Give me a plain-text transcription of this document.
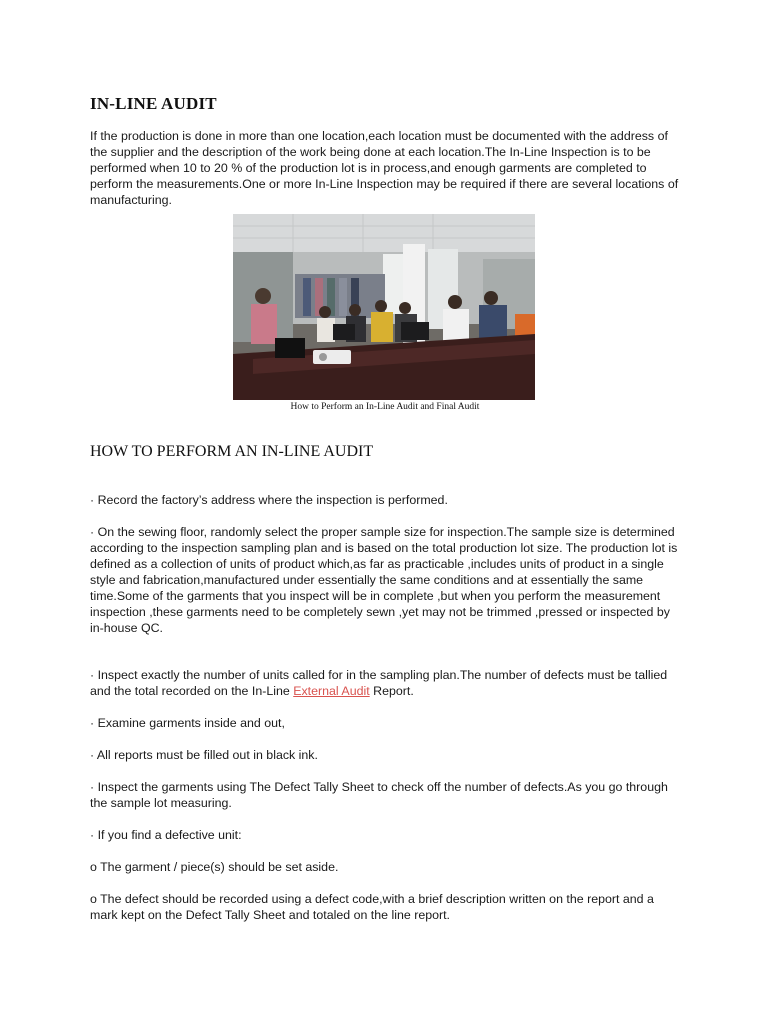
IN-LINE AUDIT

If the production is done in more than one location,each location must be documented with the address of the supplier and the description of the work being done at each location.The In-Line Inspection is to be performed when 10 to 20 % of the production lot is in process,and enough garments are completed to perform the measurements.One or more In-Line Inspection may be required if there are several locations of manufacturing.

How to Perform an In-Line Audit and Final Audit
HOW TO PERFORM AN IN-LINE AUDIT

· Record the factory’s address where the inspection is performed.

· On the sewing floor, randomly select the proper sample size for inspection.The sample size is determined according to the inspection sampling plan and is based on the total production lot size. The production lot is defined as a collection of units of product which,as far as practicable ,includes units of product in a single style and fabrication,manufactured under essentially the same conditions and at essentially the same time.Some of the garments that you inspect will be in complete ,but when you perform the measurement inspection ,these garments need to be completely sewn ,yet may not be trimmed ,pressed or inspected by in-house QC.

· Inspect exactly the number of units called for in the sampling plan.The number of defects must be tallied and the total recorded on the In-Line External Audit Report.

· Examine garments inside and out,

· All reports must be filled out in black ink.

· Inspect the garments using The Defect Tally Sheet to check off the number of defects.As you go through the sample lot measuring.

· If you find a defective unit:

o The garment / piece(s) should be set aside.

o The defect should be recorded using a defect code,with a brief description written on the report and a mark kept on the Defect Tally Sheet and totaled on the line report.
